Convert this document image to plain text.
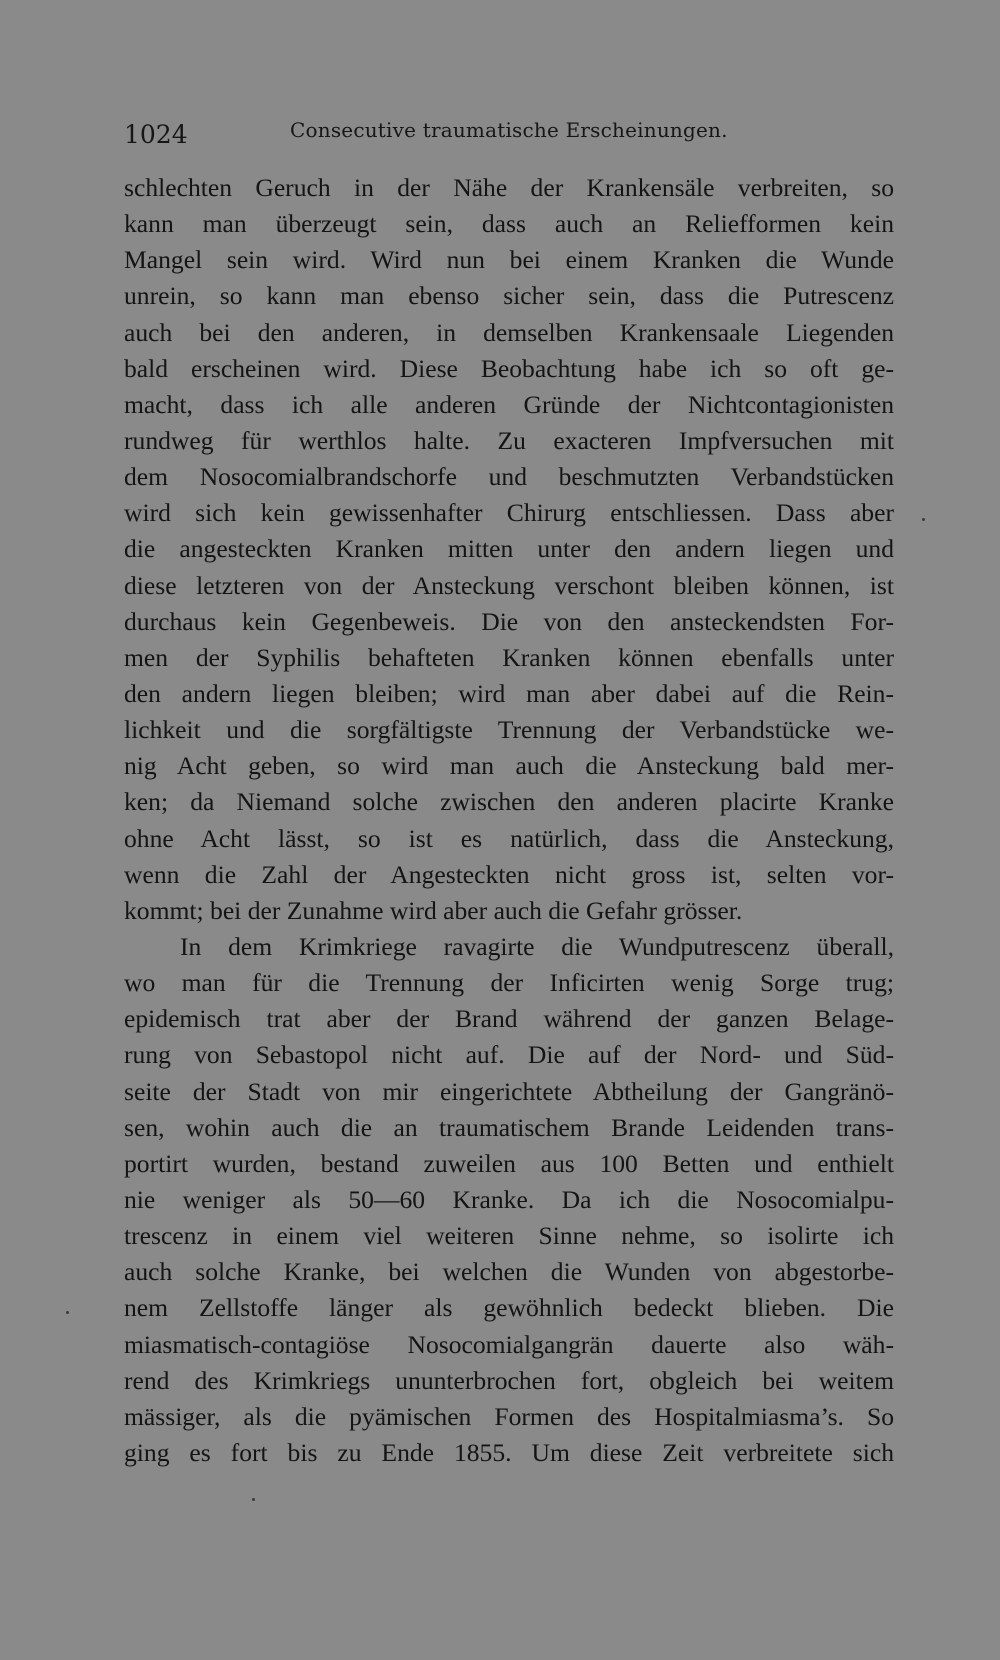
1024	Consecutive traumatische Erscheinungen.
schlechten Geruch in der Nähe der Krankensäle verbreiten, so
kann man überzeugt sein, dass auch an Reliefformen kein
Mangel sein wird. Wird nun bei einem Kranken die Wunde
unrein, so kann man ebenso sicher sein, dass die Putrescenz
auch bei den anderen, in demselben Krankensaale Liegenden
bald erscheinen wird. Diese Beobachtung habe ich so oft ge-
macht, dass ich alle anderen Gründe der Nichtcontagionisten
rundweg für werthlos halte. Zu exacteren Impfversuchen mit
dem Nosocomialbrandschorfe und beschmutzten Verbandstücken
wird sich kein gewissenhafter Chirurg entschliessen. Dass aber
die angesteckten Kranken mitten unter den andern liegen und
diese letzteren von der Ansteckung verschont bleiben können, ist
durchaus kein Gegenbeweis. Die von den ansteckendsten For-
men der Syphilis behafteten Kranken können ebenfalls unter
den andern liegen bleiben; wird man aber dabei auf die Rein-
lichkeit und die sorgfältigste Trennung der Verbandstücke we-
nig Acht geben, so wird man auch die Ansteckung bald mer-
ken; da Niemand solche zwischen den anderen placirte Kranke
ohne Acht lässt, so ist es natürlich, dass die Ansteckung,
wenn die Zahl der Angesteckten nicht gross ist, selten vor-
kommt; bei der Zunahme wird aber auch die Gefahr grösser.
In dem Krimkriege ravagirte die Wundputrescenz überall,
wo man für die Trennung der Inficirten wenig Sorge trug;
epidemisch trat aber der Brand während der ganzen Belage-
rung von Sebastopol nicht auf. Die auf der Nord- und Süd-
seite der Stadt von mir eingerichtete Abtheilung der Gangränö-
sen, wohin auch die an traumatischem Brande Leidenden trans-
portirt wurden, bestand zuweilen aus 100 Betten und enthielt
nie weniger als 50—60 Kranke. Da ich die Nosocomialpu-
trescenz in einem viel weiteren Sinne nehme, so isolirte ich
auch solche Kranke, bei welchen die Wunden von abgestorbe-
nem Zellstoffe länger als gewöhnlich bedeckt blieben. Die
miasmatisch-contagiöse Nosocomialgangrän dauerte also wäh-
rend des Krimkriegs ununterbrochen fort, obgleich bei weitem
mässiger, als die pyämischen Formen des Hospitalmiasma’s. So
ging es fort bis zu Ende 1855. Um diese Zeit verbreitete sich
